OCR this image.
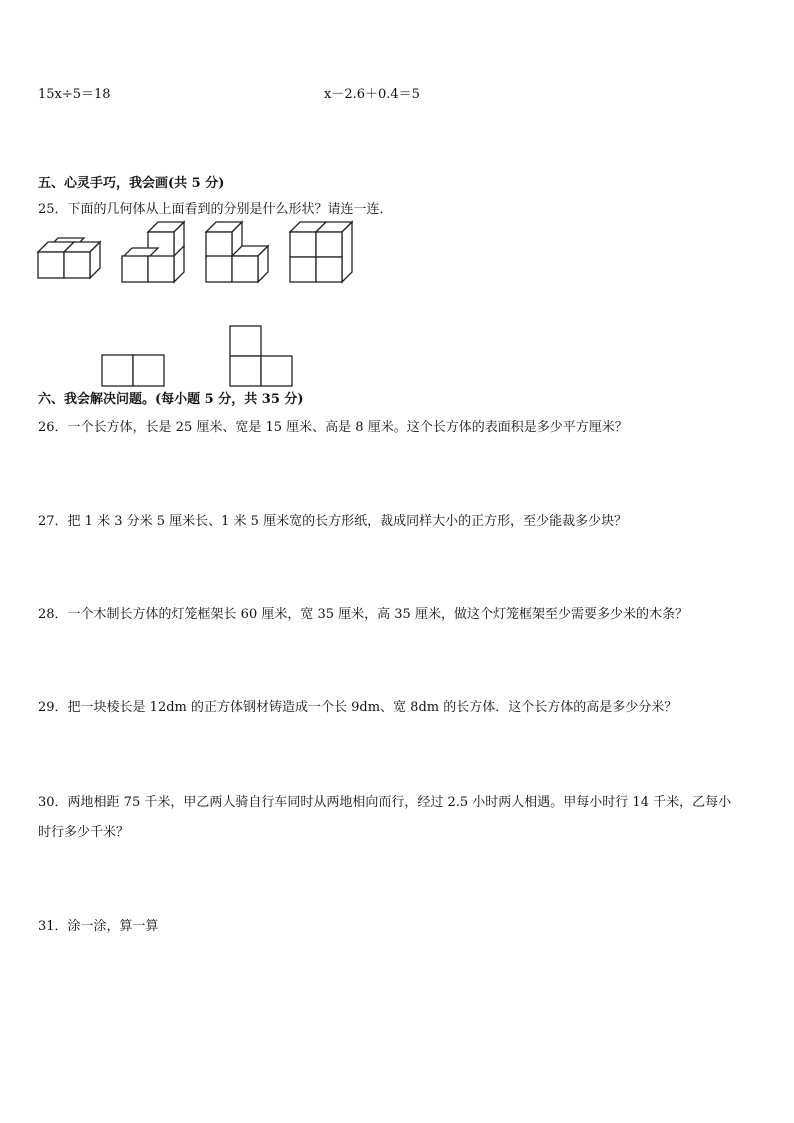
15x÷5＝18	x－2.6＋0.4＝5
五、心灵手巧，我会画(共 5 分)
25．下面的几何体从上面看到的分别是什么形状？请连一连．
六、我会解决问题。(每小题 5 分，共 35 分)
26．一个长方体，长是 25 厘米、宽是 15 厘米、高是 8 厘米。这个长方体的表面积是多少平方厘米？
27．把 1 米 3 分米 5 厘米长、1 米 5 厘米宽的长方形纸，裁成同样大小的正方形，至少能裁多少块？
28．一个木制长方体的灯笼框架长 60 厘米，宽 35 厘米，高 35 厘米，做这个灯笼框架至少需要多少米的木条？
29．把一块棱长是 12dm 的正方体钢材铸造成一个长 9dm、宽 8dm 的长方体．这个长方体的高是多少分米？
30．两地相距 75 千米，甲乙两人骑自行车同时从两地相向而行，经过 2.5 小时两人相遇。甲每小时行 14 千米，乙每小
时行多少千米？
31．涂一涂，算一算
